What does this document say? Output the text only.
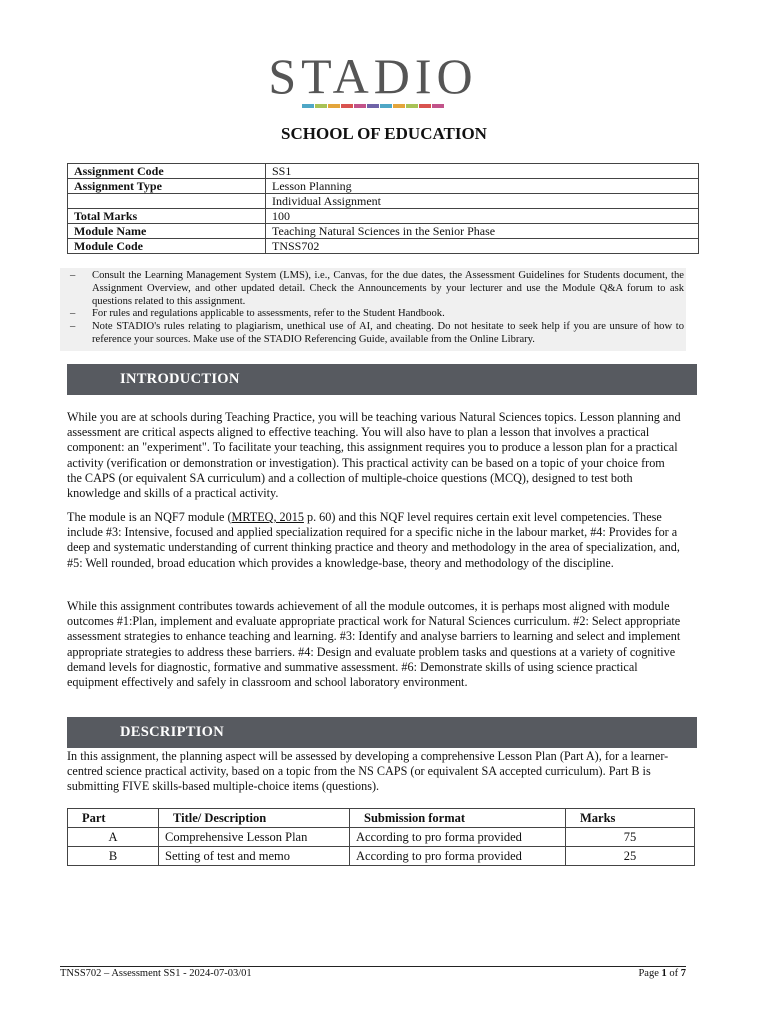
STADIO
SCHOOL OF EDUCATION
Assignment Code	SS1
Assignment Type	Lesson Planning
	Individual Assignment
Total Marks	100
Module Name	Teaching Natural Sciences in the Senior Phase
Module Code	TNSS702
–	Consult the Learning Management System (LMS), i.e., Canvas, for the due dates, the Assessment Guidelines for Students document, the Assignment Overview, and other updated detail. Check the Announcements by your lecturer and use the Module Q&A forum to ask questions related to this assignment.
–	For rules and regulations applicable to assessments, refer to the Student Handbook.
–	Note STADIO's rules relating to plagiarism, unethical use of AI, and cheating. Do not hesitate to seek help if you are unsure of how to reference your sources. Make use of the STADIO Referencing Guide, available from the Online Library.
INTRODUCTION
While you are at schools during Teaching Practice, you will be teaching various Natural Sciences topics. Lesson planning and assessment are critical aspects aligned to effective teaching. You will also have to plan a lesson that involves a practical component: an "experiment". To facilitate your teaching, this assignment requires you to produce a lesson plan for a practical activity (verification or demonstration or investigation). This practical activity can be based on a topic of your choice from the CAPS (or equivalent SA curriculum) and a collection of multiple-choice questions (MCQ), designed to test both knowledge and skills of a practical activity.
The module is an NQF7 module (MRTEQ, 2015 p. 60) and this NQF level requires certain exit level competencies. These include #3: Intensive, focused and applied specialization required for a specific niche in the labour market, #4: Provides for a deep and systematic understanding of current thinking practice and theory and methodology in the area of specialization, and, #5: Well rounded, broad education which provides a knowledge-base, theory and methodology of the discipline.
While this assignment contributes towards achievement of all the module outcomes, it is perhaps most aligned with module outcomes #1:Plan, implement and evaluate appropriate practical work for Natural Sciences curriculum. #2: Select appropriate assessment strategies to enhance teaching and learning. #3: Identify and analyse barriers to learning and select and implement appropriate strategies to address these barriers. #4: Design and evaluate problem tasks and questions at a variety of cognitive demand levels for diagnostic, formative and summative assessment. #6: Demonstrate skills of using science practical equipment effectively and safely in classroom and school laboratory environment.
DESCRIPTION
In this assignment, the planning aspect will be assessed by developing a comprehensive Lesson Plan (Part A), for a learner-centred science practical activity, based on a topic from the NS CAPS (or equivalent SA accepted curriculum). Part B is submitting FIVE skills-based multiple-choice items (questions).
Part	Title/ Description	Submission format	Marks
A	Comprehensive Lesson Plan	According to pro forma provided	75
B	Setting of test and memo	According to pro forma provided	25
TNSS702 – Assessment SS1 - 2024-07-03/01	Page 1 of 7
